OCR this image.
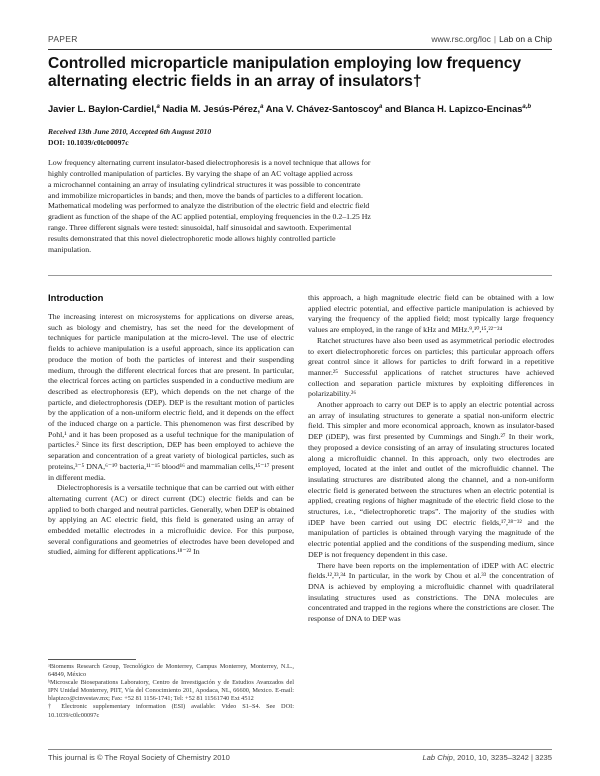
PAPER	www.rsc.org/loc | Lab on a Chip
Controlled microparticle manipulation employing low frequency alternating electric fields in an array of insulators†
Javier L. Baylon-Cardiel,$^a$ Nadia M. Jesús-Pérez,$^a$ Ana V. Chávez-Santoscoy$^a$ and Blanca H. Lapizco-Encinas$^{a,b}$
Received 13th June 2010, Accepted 6th August 2010
DOI: 10.1039/c0lc00097c
Low frequency alternating current insulator-based dielectrophoresis is a novel technique that allows for
highly controlled manipulation of particles. By varying the shape of an AC voltage applied across
a microchannel containing an array of insulating cylindrical structures it was possible to concentrate
and immobilize microparticles in bands; and then, move the bands of particles to a different location.
Mathematical modeling was performed to analyze the distribution of the electric field and electric field
gradient as function of the shape of the AC applied potential, employing frequencies in the 0.2–1.25 Hz
range. Three different signals were tested: sinusoidal, half sinusoidal and sawtooth. Experimental
results demonstrated that this novel dielectrophoretic mode allows highly controlled particle
manipulation.
Introduction

The increasing interest on microsystems for applications on diverse areas, such as biology and chemistry, has set the need for the development of techniques for particle manipulation at the micro-level. The use of electric fields to achieve manipulation is a useful approach, since its application can produce the motion of both the particles of interest and their suspending medium, through the different electrical forces that are present. In particular, the electrical forces acting on particles suspended in a conductive medium are described as electrophoresis (EP), which depends on the net charge of the particle, and dielectrophoresis (DEP). DEP is the resultant motion of particles by the application of a non-uniform electric field, and it depends on the effect of the induced charge on a particle. This phenomenon was first described by Pohl,¹ and it has been proposed as a useful technique for the manipulation of particles.² Since its first description, DEP has been employed to achieve the separation and concentration of a great variety of biological particles, such as proteins,³⁻⁵ DNA,⁶⁻¹⁰ bacteria,¹¹⁻¹⁵ blood¹⁶ and mammalian cells,¹⁵⁻¹⁷ present in different media.

Dielectrophoresis is a versatile technique that can be carried out with either alternating current (AC) or direct current (DC) electric fields and can be applied to both charged and neutral particles. Generally, when DEP is obtained by applying an AC electric field, this field is generated using an array of embedded metallic electrodes in a microfluidic device. For this purpose, several configurations and geometries of electrodes have been developed and studied, aiming for different applications.¹⁸⁻²² In

this approach, a high magnitude electric field can be obtained with a low applied electric potential, and effective particle manipulation is achieved by varying the frequency of the applied field; most typically large frequency values are employed, in the range of kHz and MHz.⁹,¹⁰,¹⁵,²²⁻²⁴

Ratchet structures have also been used as asymmetrical periodic electrodes to exert dielectrophoretic forces on particles; this particular approach offers great control since it allows for particles to drift forward in a repetitive manner.²⁵ Successful applications of ratchet structures have achieved collection and separation particle mixtures by exploiting differences in polarizability.²⁶

Another approach to carry out DEP is to apply an electric potential across an array of insulating structures to generate a spatial non-uniform electric field. This simpler and more economical approach, known as insulator-based DEP (iDEP), was first presented by Cummings and Singh.²⁷ In their work, they proposed a device consisting of an array of insulating structures located along a microfluidic channel. In this approach, only two electrodes are employed, located at the inlet and outlet of the microfluidic channel. The insulating structures are distributed along the channel, and a non-uniform electric field is generated between the structures when an electric potential is applied, creating regions of higher magnitude of the electric field close to the structures, i.e., “dielectrophoretic traps”. The majority of the studies with iDEP have been carried out using DC electric fields,¹⁷,²⁸⁻³² and the manipulation of particles is obtained through varying the magnitude of the electric potential applied and the conditions of the suspending medium, since DEP is not frequency dependent in this case.

There have been reports on the implementation of iDEP with AC electric fields.¹²,³³,³⁴ In particular, in the work by Chou et al.³³ the concentration of DNA is achieved by employing a microfluidic channel with quadrilateral insulating structures used as constrictions. The DNA molecules are concentrated and trapped in the regions where the constrictions are closer. The response of DNA to DEP was

ᵃBiomems Research Group, Tecnológico de Monterrey, Campus Monterrey, Monterrey, N.L., 64849, México

ᵇMicroscale Bioseparations Laboratory, Centro de Investigación y de Estudios Avanzados del IPN Unidad Monterrey, PIIT, Vía del Conocimiento 201, Apodaca, NL, 66600, Mexico. E-mail: blapizco@cinvestav.mx; Fax: +52 81 1156-1741; Tel: +52 81 11561740 Ext 4512

† Electronic supplementary information (ESI) available: Video S1–S4. See DOI: 10.1039/c0lc00097c

This journal is © The Royal Society of Chemistry 2010	Lab Chip, 2010, 10, 3235–3242 | 3235
